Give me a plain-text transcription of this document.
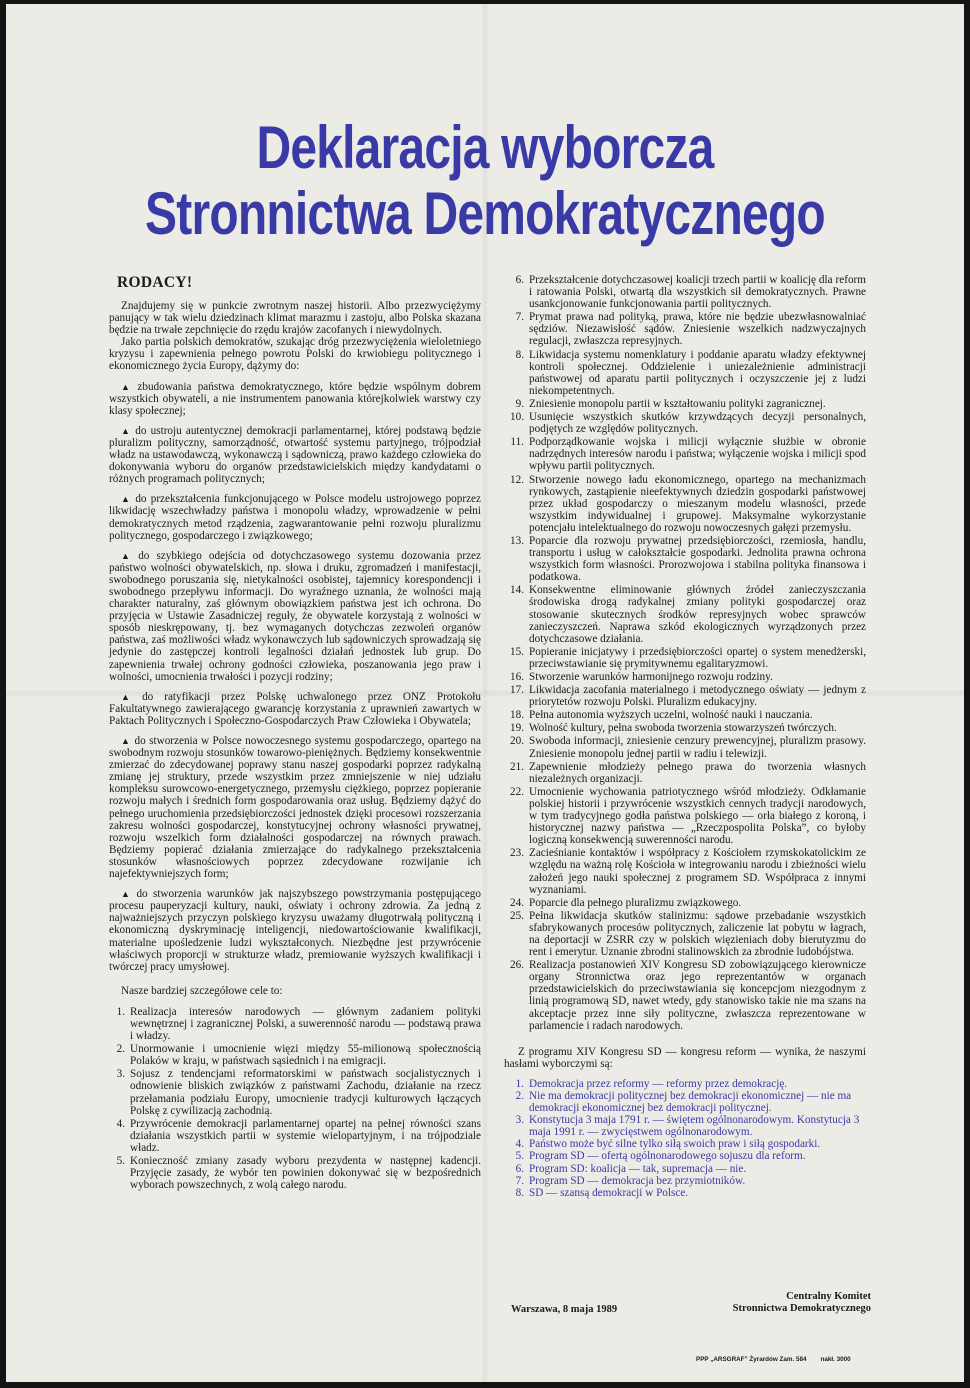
Deklaracja wyborcza
Stronnictwa Demokratycznego
RODACY!
Znajdujemy się w punkcie zwrotnym naszej historii. Albo przezwyciężymy panujący w tak wielu dziedzinach klimat marazmu i zastoju, albo Polska skazana będzie na trwałe zepchnięcie do rzędu krajów zacofanych i niewydolnych.
Jako partia polskich demokratów, szukając dróg przezwyciężenia wieloletniego kryzysu i zapewnienia pełnego powrotu Polski do krwiobiegu politycznego i ekonomicznego życia Europy, dążymy do:
▲ zbudowania państwa demokratycznego, które będzie wspólnym dobrem wszystkich obywateli, a nie instrumentem panowania którejkolwiek warstwy czy klasy społecznej;
▲ do ustroju autentycznej demokracji parlamentarnej, której podstawą będzie pluralizm polityczny, samorządność, otwartość systemu partyjnego, trójpodział władz na ustawodawczą, wykonawczą i sądowniczą, prawo każdego człowieka do dokonywania wyboru do organów przedstawicielskich między kandydatami o różnych programach politycznych;
▲ do przekształcenia funkcjonującego w Polsce modelu ustrojowego poprzez likwidację wszechwładzy państwa i monopolu władzy, wprowadzenie w pełni demokratycznych metod rządzenia, zagwarantowanie pełni rozwoju pluralizmu politycznego, gospodarczego i związkowego;
▲ do szybkiego odejścia od dotychczasowego systemu dozowania przez państwo wolności obywatelskich, np. słowa i druku, zgromadzeń i manifestacji, swobodnego poruszania się, nietykalności osobistej, tajemnicy korespondencji i swobodnego przepływu informacji. Do wyraźnego uznania, że wolności mają charakter naturalny, zaś głównym obowiązkiem państwa jest ich ochrona. Do przyjęcia w Ustawie Zasadniczej reguły, że obywatele korzystają z wolności w sposób nieskrępowany, tj. bez wymaganych dotychczas zezwoleń organów państwa, zaś możliwości władz wykonawczych lub sądowniczych sprowadzają się jedynie do zastępczej kontroli legalności działań jednostek lub grup. Do zapewnienia trwałej ochrony godności człowieka, poszanowania jego praw i wolności, umocnienia trwałości i pozycji rodziny;
▲ do ratyfikacji przez Polskę uchwalonego przez ONZ Protokołu Fakultatywnego zawierającego gwarancję korzystania z uprawnień zawartych w Paktach Politycznych i Społeczno-Gospodarczych Praw Człowieka i Obywatela;
▲ do stworzenia w Polsce nowoczesnego systemu gospodarczego, opartego na swobodnym rozwoju stosunków towarowo-pieniężnych. Będziemy konsekwentnie zmierzać do zdecydowanej poprawy stanu naszej gospodarki poprzez radykalną zmianę jej struktury, przede wszystkim przez zmniejszenie w niej udziału kompleksu surowcowo-energetycznego, przemysłu ciężkiego, poprzez popieranie rozwoju małych i średnich form gospodarowania oraz usług. Będziemy dążyć do pełnego uruchomienia przedsiębiorczości jednostek dzięki procesowi rozszerzania zakresu wolności gospodarczej, konstytucyjnej ochrony własności prywatnej, rozwoju wszelkich form działalności gospodarczej na równych prawach. Będziemy popierać działania zmierzające do radykalnego przekształcenia stosunków własnościowych poprzez zdecydowane rozwijanie ich najefektywniejszych form;
▲ do stworzenia warunków jak najszybszego powstrzymania postępującego procesu pauperyzacji kultury, nauki, oświaty i ochrony zdrowia. Za jedną z najważniejszych przyczyn polskiego kryzysu uważamy długotrwałą polityczną i ekonomiczną dyskryminację inteligencji, niedowartościowanie kwalifikacji, materialne upośledzenie ludzi wykształconych. Niezbędne jest przywrócenie właściwych proporcji w strukturze władz, premiowanie wyższych kwalifikacji i twórczej pracy umysłowej.
Nasze bardziej szczegółowe cele to:
1. Realizacja interesów narodowych — głównym zadaniem polityki wewnętrznej i zagranicznej Polski, a suwerenność narodu — podstawą prawa i władzy.
2. Unormowanie i umocnienie więzi między 55-milionową społecznością Polaków w kraju, w państwach sąsiednich i na emigracji.
3. Sojusz z tendencjami reformatorskimi w państwach socjalistycznych i odnowienie bliskich związków z państwami Zachodu, działanie na rzecz przełamania podziału Europy, umocnienie tradycji kulturowych łączących Polskę z cywilizacją zachodnią.
4. Przywrócenie demokracji parlamentarnej opartej na pełnej równości szans działania wszystkich partii w systemie wielopartyjnym, i na trójpodziale władz.
5. Konieczność zmiany zasady wyboru prezydenta w następnej kadencji. Przyjęcie zasady, że wybór ten powinien dokonywać się w bezpośrednich wyborach powszechnych, z wolą całego narodu.
6. Przekształcenie dotychczasowej koalicji trzech partii w koalicję dla reform i ratowania Polski, otwartą dla wszystkich sił demokratycznych. Prawne usankcjonowanie funkcjonowania partii politycznych.
7. Prymat prawa nad polityką, prawa, które nie będzie ubezwłasnowalniać sędziów. Niezawisłość sądów. Zniesienie wszelkich nadzwyczajnych regulacji, zwłaszcza represyjnych.
8. Likwidacja systemu nomenklatury i poddanie aparatu władzy efektywnej kontroli społecznej. Oddzielenie i uniezależnienie administracji państwowej od aparatu partii politycznych i oczyszczenie jej z ludzi niekompetentnych.
9. Zniesienie monopolu partii w kształtowaniu polityki zagranicznej.
10. Usunięcie wszystkich skutków krzywdzących decyzji personalnych, podjętych ze względów politycznych.
11. Podporządkowanie wojska i milicji wyłącznie służbie w obronie nadrzędnych interesów narodu i państwa; wyłączenie wojska i milicji spod wpływu partii politycznych.
12. Stworzenie nowego ładu ekonomicznego, opartego na mechanizmach rynkowych, zastąpienie nieefektywnych dziedzin gospodarki państwowej przez układ gospodarczy o mieszanym modelu własności, przede wszystkim indywidualnej i grupowej. Maksymalne wykorzystanie potencjału intelektualnego do rozwoju nowoczesnych gałęzi przemysłu.
13. Poparcie dla rozwoju prywatnej przedsiębiorczości, rzemiosła, handlu, transportu i usług w całokształcie gospodarki. Jednolita prawna ochrona wszystkich form własności. Prorozwojowa i stabilna polityka finansowa i podatkowa.
14. Konsekwentne eliminowanie głównych źródeł zanieczyszczania środowiska drogą radykalnej zmiany polityki gospodarczej oraz stosowanie skutecznych środków represyjnych wobec sprawców zanieczyszczeń. Naprawa szkód ekologicznych wyrządzonych przez dotychczasowe działania.
15. Popieranie inicjatywy i przedsiębiorczości opartej o system menedżerski, przeciwstawianie się prymitywnemu egalitaryzmowi.
16. Stworzenie warunków harmonijnego rozwoju rodziny.
17. Likwidacja zacofania materialnego i metodycznego oświaty — jednym z priorytetów rozwoju Polski. Pluralizm edukacyjny.
18. Pełna autonomia wyższych uczelni, wolność nauki i nauczania.
19. Wolność kultury, pełna swoboda tworzenia stowarzyszeń twórczych.
20. Swoboda informacji, zniesienie cenzury prewencyjnej, pluralizm prasowy. Zniesienie monopolu jednej partii w radiu i telewizji.
21. Zapewnienie młodzieży pełnego prawa do tworzenia własnych niezależnych organizacji.
22. Umocnienie wychowania patriotycznego wśród młodzieży. Odkłamanie polskiej historii i przywrócenie wszystkich cennych tradycji narodowych, w tym tradycyjnego godła państwa polskiego — orła białego z koroną, i historycznej nazwy państwa — „Rzeczpospolita Polska”, co byłoby logiczną konsekwencją suwerenności narodu.
23. Zacieśnianie kontaktów i współpracy z Kościołem rzymskokatolickim ze względu na ważną rolę Kościoła w integrowaniu narodu i zbieżności wielu założeń jego nauki społecznej z programem SD. Współpraca z innymi wyznaniami.
24. Poparcie dla pełnego pluralizmu związkowego.
25. Pełna likwidacja skutków stalinizmu: sądowe przebadanie wszystkich sfabrykowanych procesów politycznych, zaliczenie lat pobytu w łagrach, na deportacji w ZSRR czy w polskich więzieniach doby bierutyzmu do rent i emerytur. Uznanie zbrodni stalinowskich za zbrodnie ludobójstwa.
26. Realizacja postanowień XIV Kongresu SD zobowiązującego kierownicze organy Stronnictwa oraz jego reprezentantów w organach przedstawicielskich do przeciwstawiania się koncepcjom niezgodnym z linią programową SD, nawet wtedy, gdy stanowisko takie nie ma szans na akceptacje przez inne siły polityczne, zwłaszcza reprezentowane w parlamencie i radach narodowych.
Z programu XIV Kongresu SD — kongresu reform — wynika, że naszymi hasłami wyborczymi są:
1. Demokracja przez reformy — reformy przez demokrację.
2. Nie ma demokracji politycznej bez demokracji ekonomicznej — nie ma demokracji ekonomicznej bez demokracji politycznej.
3. Konstytucja 3 maja 1791 r. — świętem ogólnonarodowym. Konstytucja 3 maja 1991 r. — zwycięstwem ogólnonarodowym.
4. Państwo może być silne tylko siłą swoich praw i siłą gospodarki.
5. Program SD — ofertą ogólnonarodowego sojuszu dla reform.
6. Program SD: koalicja — tak, supremacja — nie.
7. Program SD — demokracja bez przymiotników.
8. SD — szansą demokracji w Polsce.
Warszawa, 8 maja 1989
Centralny Komitet
Stronnictwa Demokratycznego
PPP „ARSGRAF” Żyrardów Zam. 584 nakł. 3000
